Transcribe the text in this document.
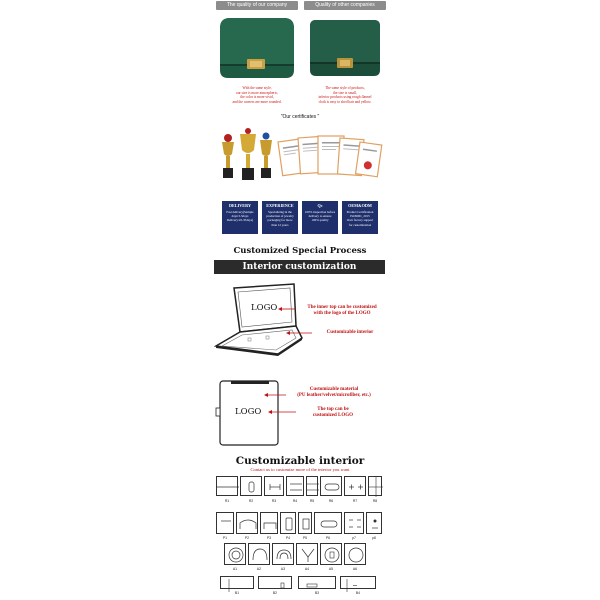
The quality of our company	Quality of other companies
With the same style,
our size is more atmospheric,
the color is more vivid,
and the corners are more rounded.
The same style of products,
the size is small,
inferior products using rough flannel
cloth is easy to shed hair and yellow.
"Our certificates "
DELIVERY
Fast delivery(Sample
days:3-5days
Delivery:22-35days)
EXPERIENCE
Specializing in the
production of jewelry
packaging for more
than 12 years
Qc
100% inspection before
delivery to ensure
100% quality
OEM&ODM
Product Certification
ISO9001_2015
Own factory support
for customization
Customized Special Process
Interior customization
LOGO	The inner top can be customized
with the logo of the LOGO
Customizable interior
LOGO
Customizable material
(PU leather/velvet/microfiber, etc.)
The top can be
customized LOGO
Customizable interior
Contact us to customize more of the interior you want
R1	R2	R3	R4	R5	R6	R7	R8
P1	P2	P3	P4	P5	P6	p7	p8
A1	A2	A3	A4	A5	A6
B1	B2	B3	B4
